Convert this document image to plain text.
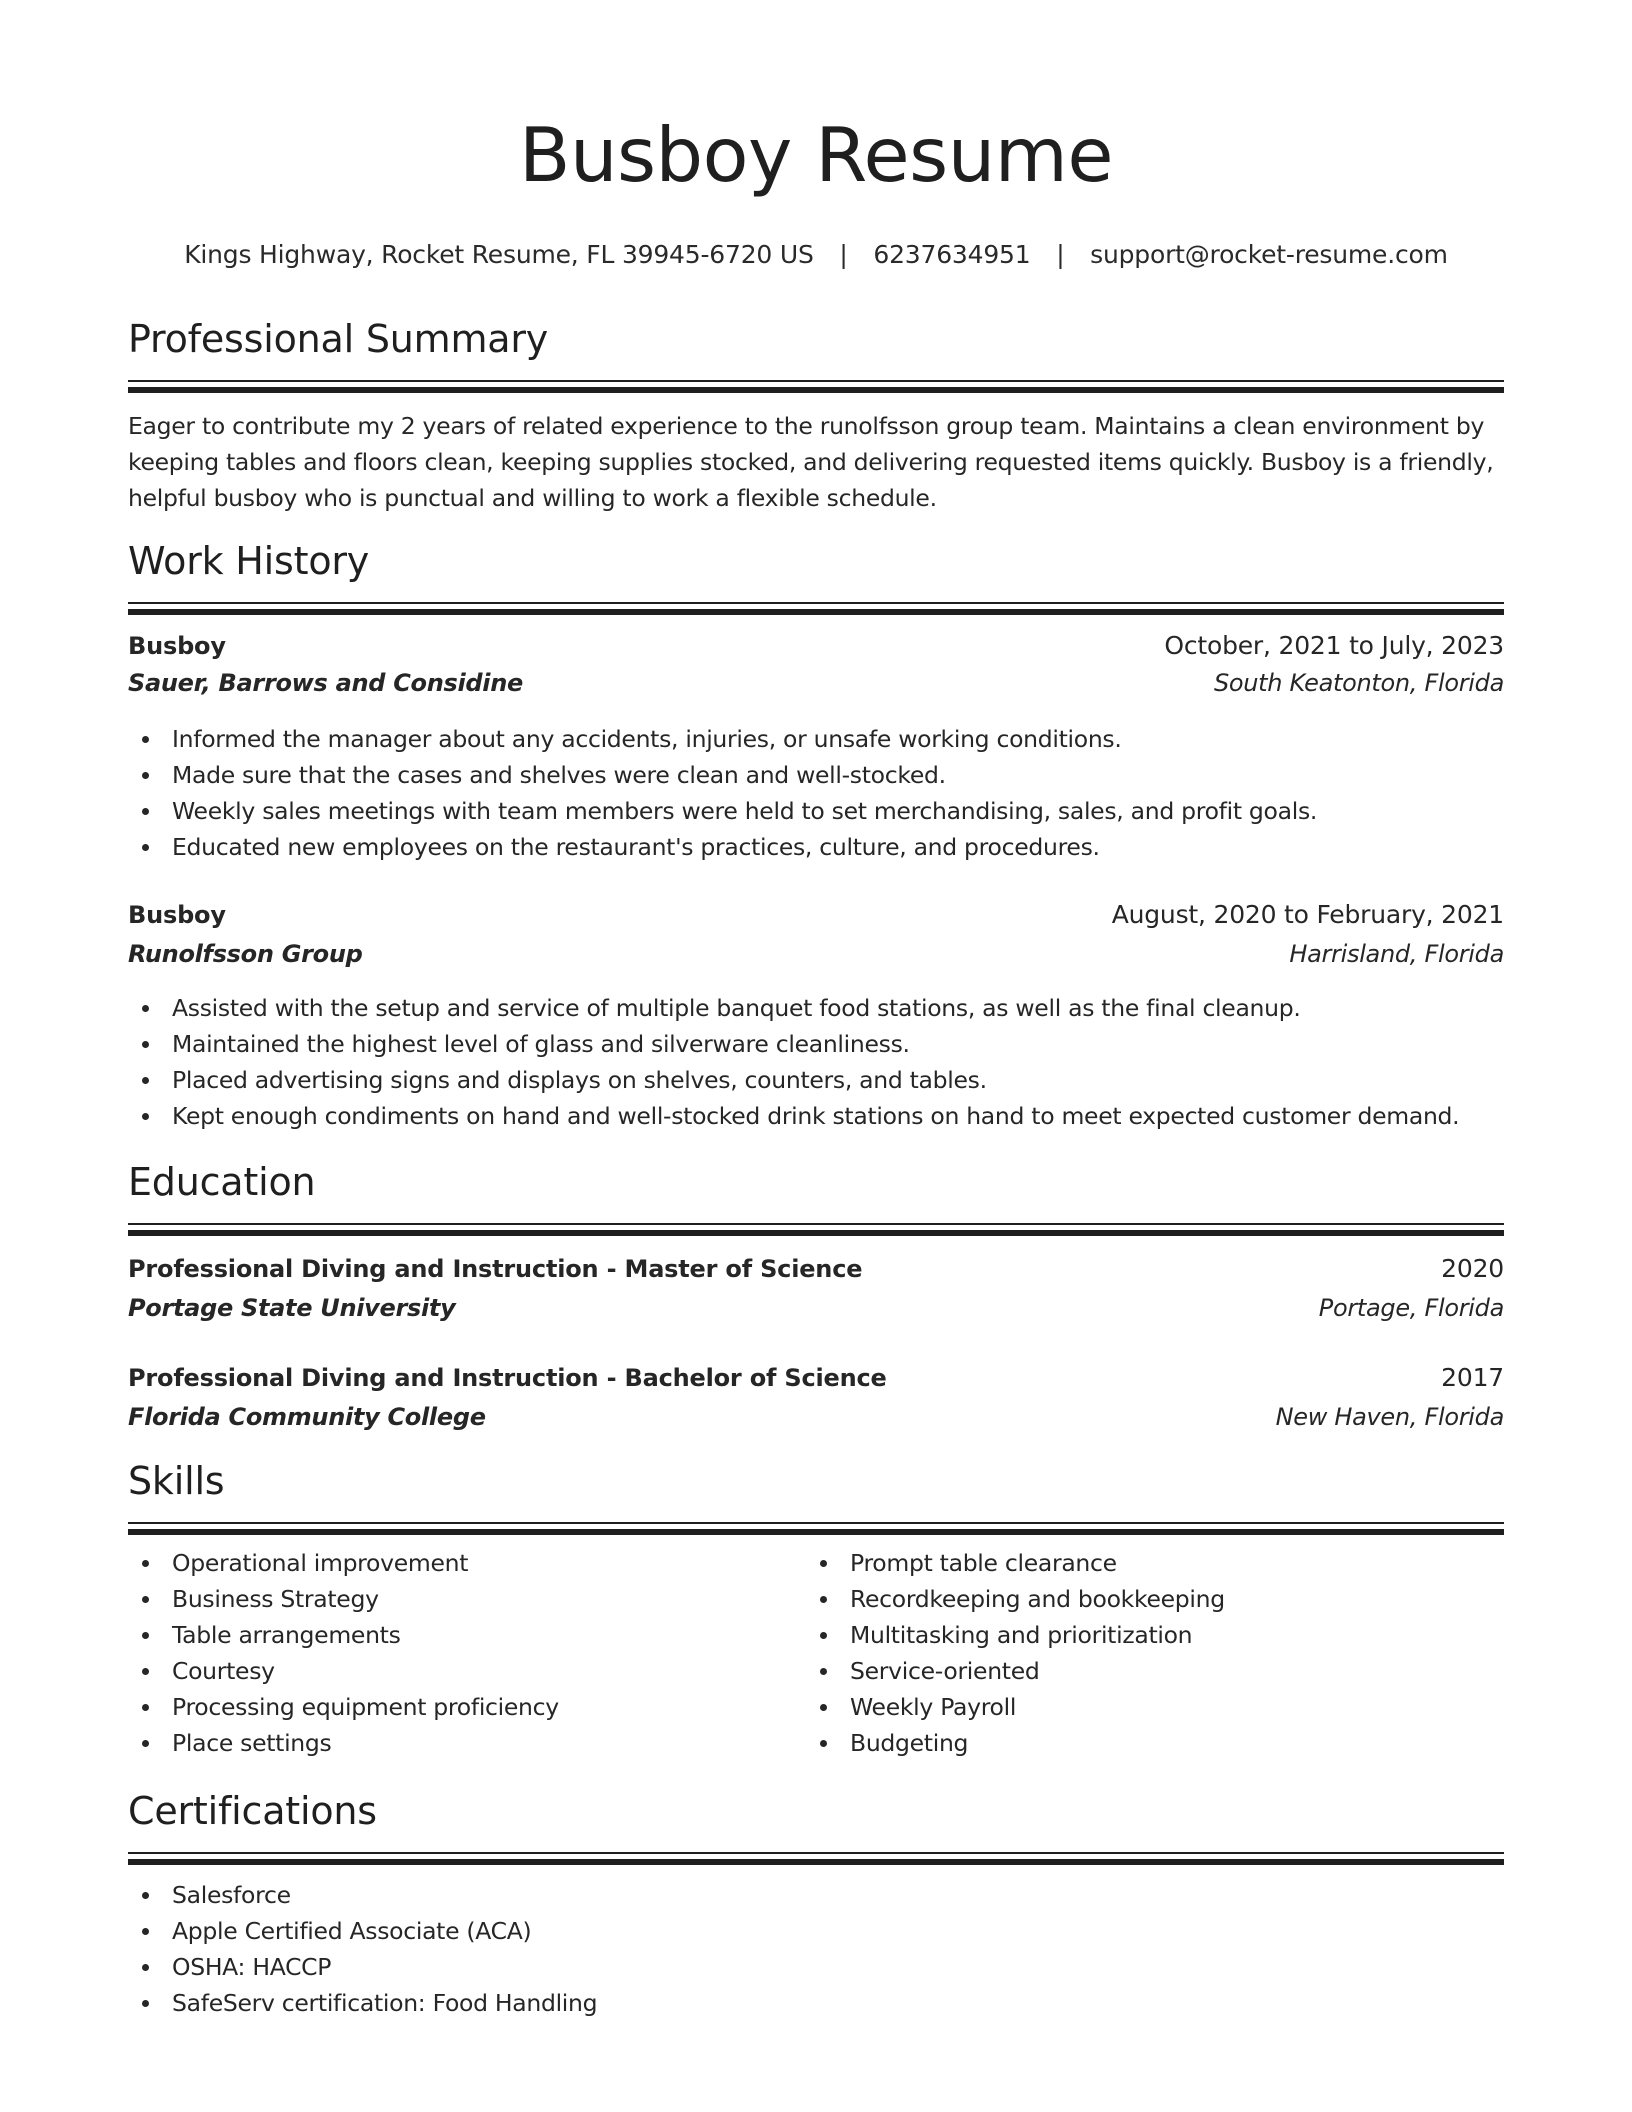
Busboy Resume
Kings Highway, Rocket Resume, FL 39945-6720 US | 6237634951 | support@rocket-resume.com
Professional Summary
Eager to contribute my 2 years of related experience to the runolfsson group team. Maintains a clean environment by keeping tables and floors clean, keeping supplies stocked, and delivering requested items quickly. Busboy is a friendly, helpful busboy who is punctual and willing to work a flexible schedule.
Work History
Busboy	October, 2021 to July, 2023
Sauer, Barrows and Considine	South Keatonton, Florida
Informed the manager about any accidents, injuries, or unsafe working conditions.
Made sure that the cases and shelves were clean and well-stocked.
Weekly sales meetings with team members were held to set merchandising, sales, and profit goals.
Educated new employees on the restaurant's practices, culture, and procedures.
Busboy	August, 2020 to February, 2021
Runolfsson Group	Harrisland, Florida
Assisted with the setup and service of multiple banquet food stations, as well as the final cleanup.
Maintained the highest level of glass and silverware cleanliness.
Placed advertising signs and displays on shelves, counters, and tables.
Kept enough condiments on hand and well-stocked drink stations on hand to meet expected customer demand.
Education
Professional Diving and Instruction - Master of Science	2020
Portage State University	Portage, Florida
Professional Diving and Instruction - Bachelor of Science	2017
Florida Community College	New Haven, Florida
Skills
Operational improvement
Business Strategy
Table arrangements
Courtesy
Processing equipment proficiency
Place settings
Prompt table clearance
Recordkeeping and bookkeeping
Multitasking and prioritization
Service-oriented
Weekly Payroll
Budgeting
Certifications
Salesforce
Apple Certified Associate (ACA)
OSHA: HACCP
SafeServ certification: Food Handling
